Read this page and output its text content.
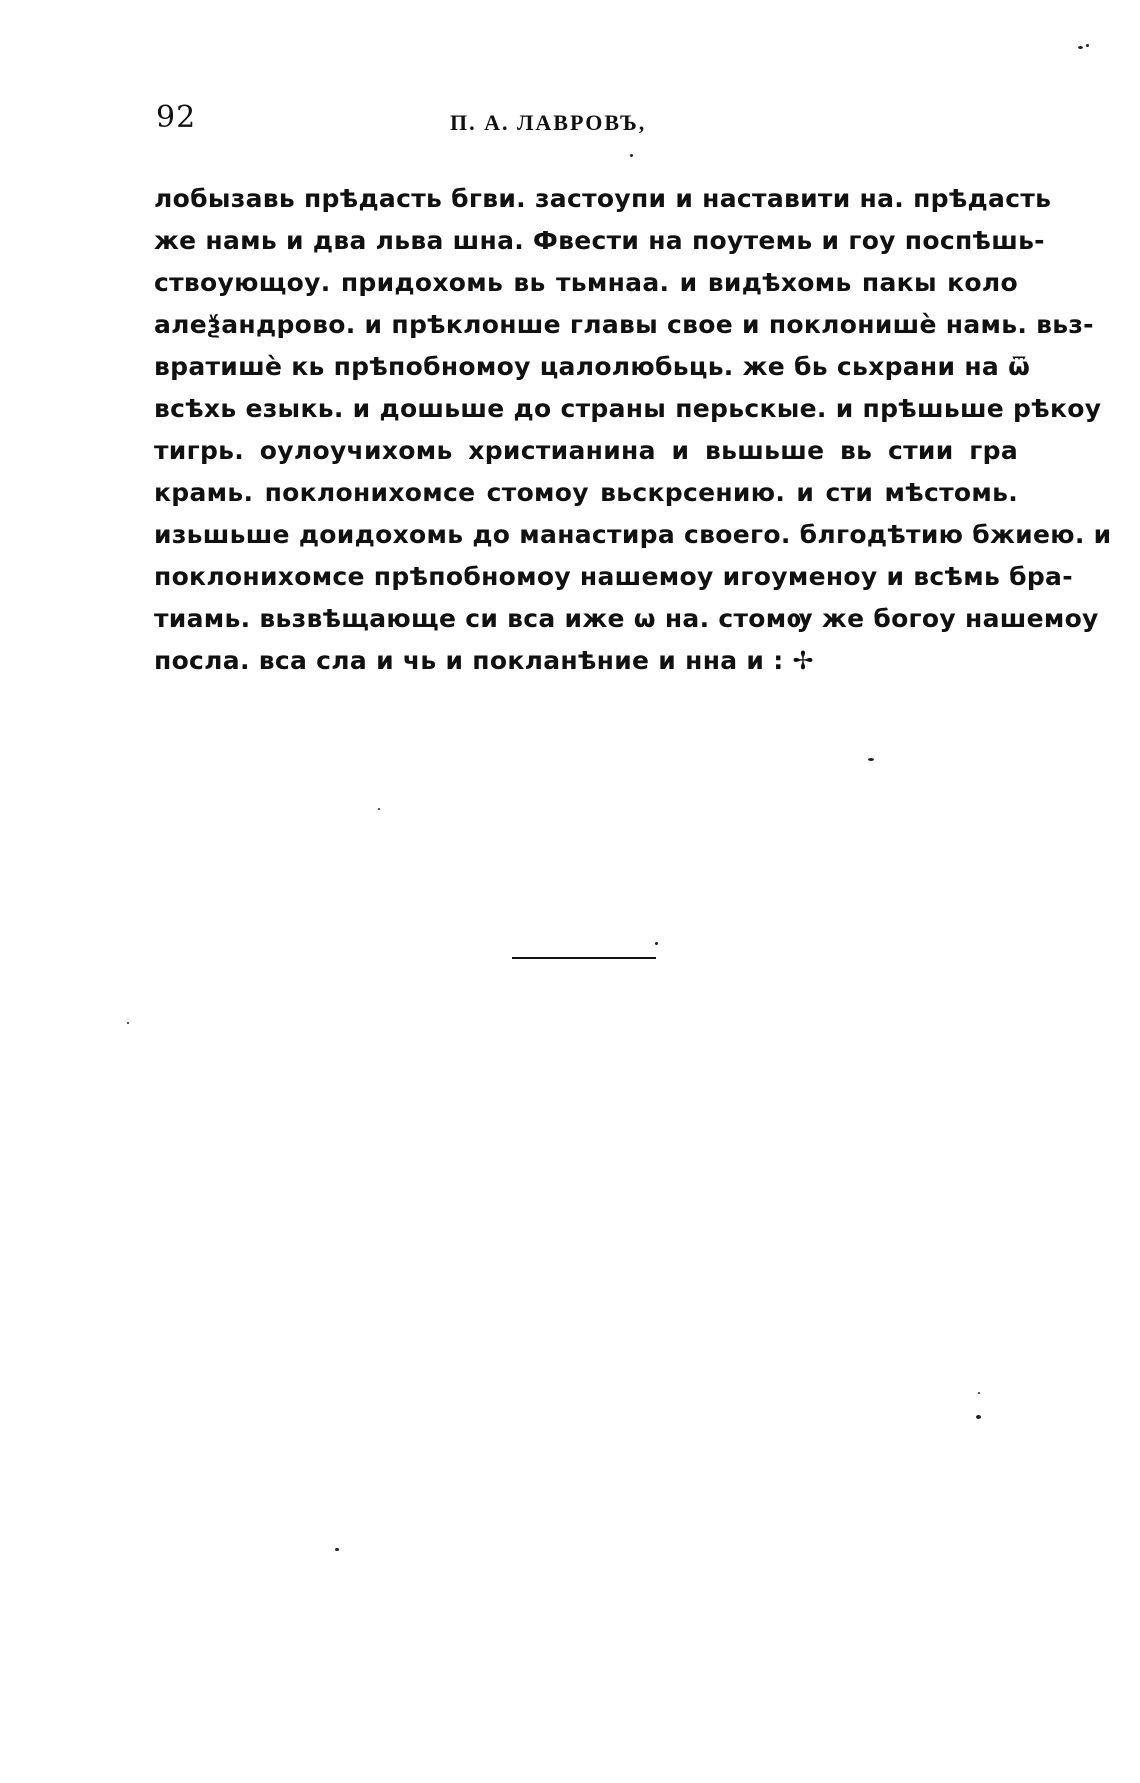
92	П. А. ЛАВРОВЪ,
лобызавь прѣдасть бгви. застоупи и наставити на. прѣдасть
же намь и два льва шна. Фвести на поутемь и гоу поспѣшь-
ствоующоу. придохомь вь тьмнаа. и видѣхомь пакы коло
алеѯандрово. и прѣклонше главы свое и поклонишѐ намь. вьз-
вратишѐ кь прѣпобномоу цалолюбьць. же бь сьхрани на ѿ
всѣхь езыкь. и дошьше до страны перьскые. и прѣшьше рѣкоу
тигрь. оулоучихомь христианина и вьшьше вь стии гра
крамь. поклонихомсе стомоу вьскрсению. и сти мѣстомь.
изьшьше доидохомь до манастира своего. блгодѣтию бжиею. и
поклонихомсе прѣпобномоу нашемоу игоуменоу и всѣмь бра-
тиамь. вьзвѣщающе си вса иже ѡ на. стомѹ же богоу нашемоу
посла. вса сла и чь и покланѣние и нна и : ✢
